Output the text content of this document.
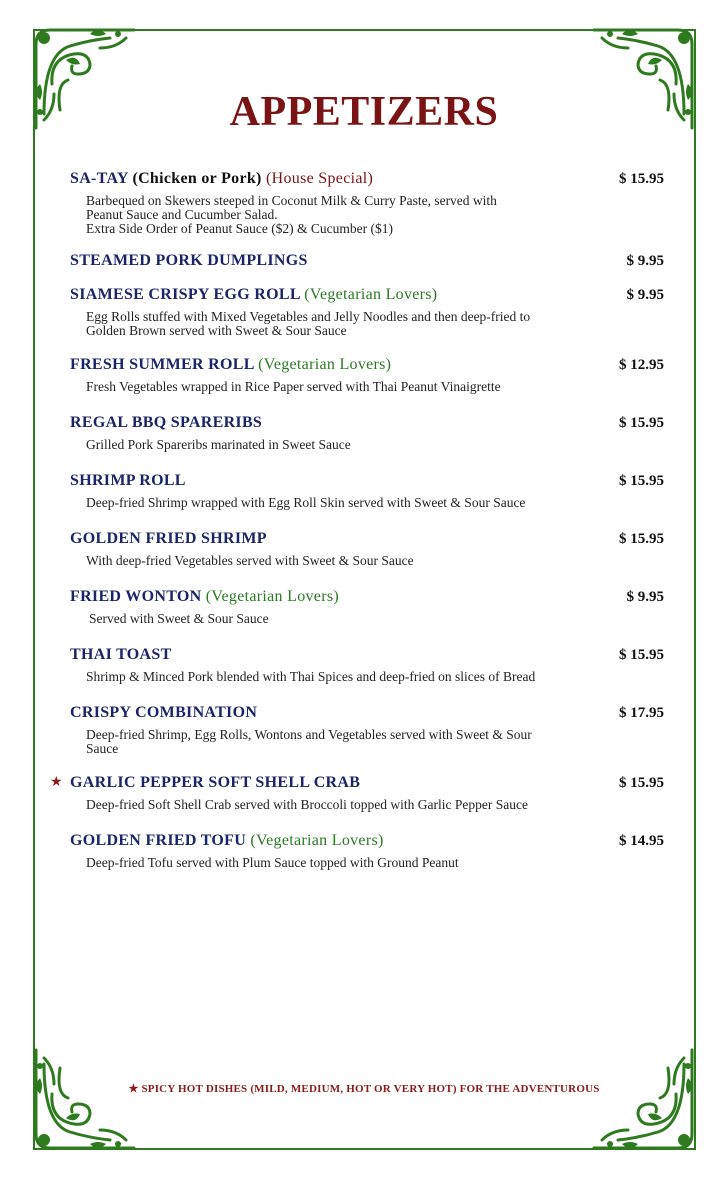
APPETIZERS
SA-TAY (Chicken or Pork) (House Special)	$ 15.95
Barbequed on Skewers steeped in Coconut Milk & Curry Paste, served with
Peanut Sauce and Cucumber Salad.
Extra Side Order of Peanut Sauce ($2) & Cucumber ($1)
STEAMED PORK DUMPLINGS	$ 9.95
SIAMESE CRISPY EGG ROLL (Vegetarian Lovers)	$ 9.95
Egg Rolls stuffed with Mixed Vegetables and Jelly Noodles and then deep-fried to
Golden Brown served with Sweet & Sour Sauce
FRESH SUMMER ROLL (Vegetarian Lovers)	$ 12.95
Fresh Vegetables wrapped in Rice Paper served with Thai Peanut Vinaigrette
REGAL BBQ SPARERIBS	$ 15.95
Grilled Pork Spareribs marinated in Sweet Sauce
SHRIMP ROLL	$ 15.95
Deep-fried Shrimp wrapped with Egg Roll Skin served with Sweet & Sour Sauce
GOLDEN FRIED SHRIMP	$ 15.95
With deep-fried Vegetables served with Sweet & Sour Sauce
FRIED WONTON (Vegetarian Lovers)	$ 9.95
Served with Sweet & Sour Sauce
THAI TOAST	$ 15.95
Shrimp & Minced Pork blended with Thai Spices and deep-fried on slices of Bread
CRISPY COMBINATION	$ 17.95
Deep-fried Shrimp, Egg Rolls, Wontons and Vegetables served with Sweet & Sour
Sauce
★ GARLIC PEPPER SOFT SHELL CRAB	$ 15.95
Deep-fried Soft Shell Crab served with Broccoli topped with Garlic Pepper Sauce
GOLDEN FRIED TOFU (Vegetarian Lovers)	$ 14.95
Deep-fried Tofu served with Plum Sauce topped with Ground Peanut
★ SPICY HOT DISHES (MILD, MEDIUM, HOT OR VERY HOT) FOR THE ADVENTUROUS
